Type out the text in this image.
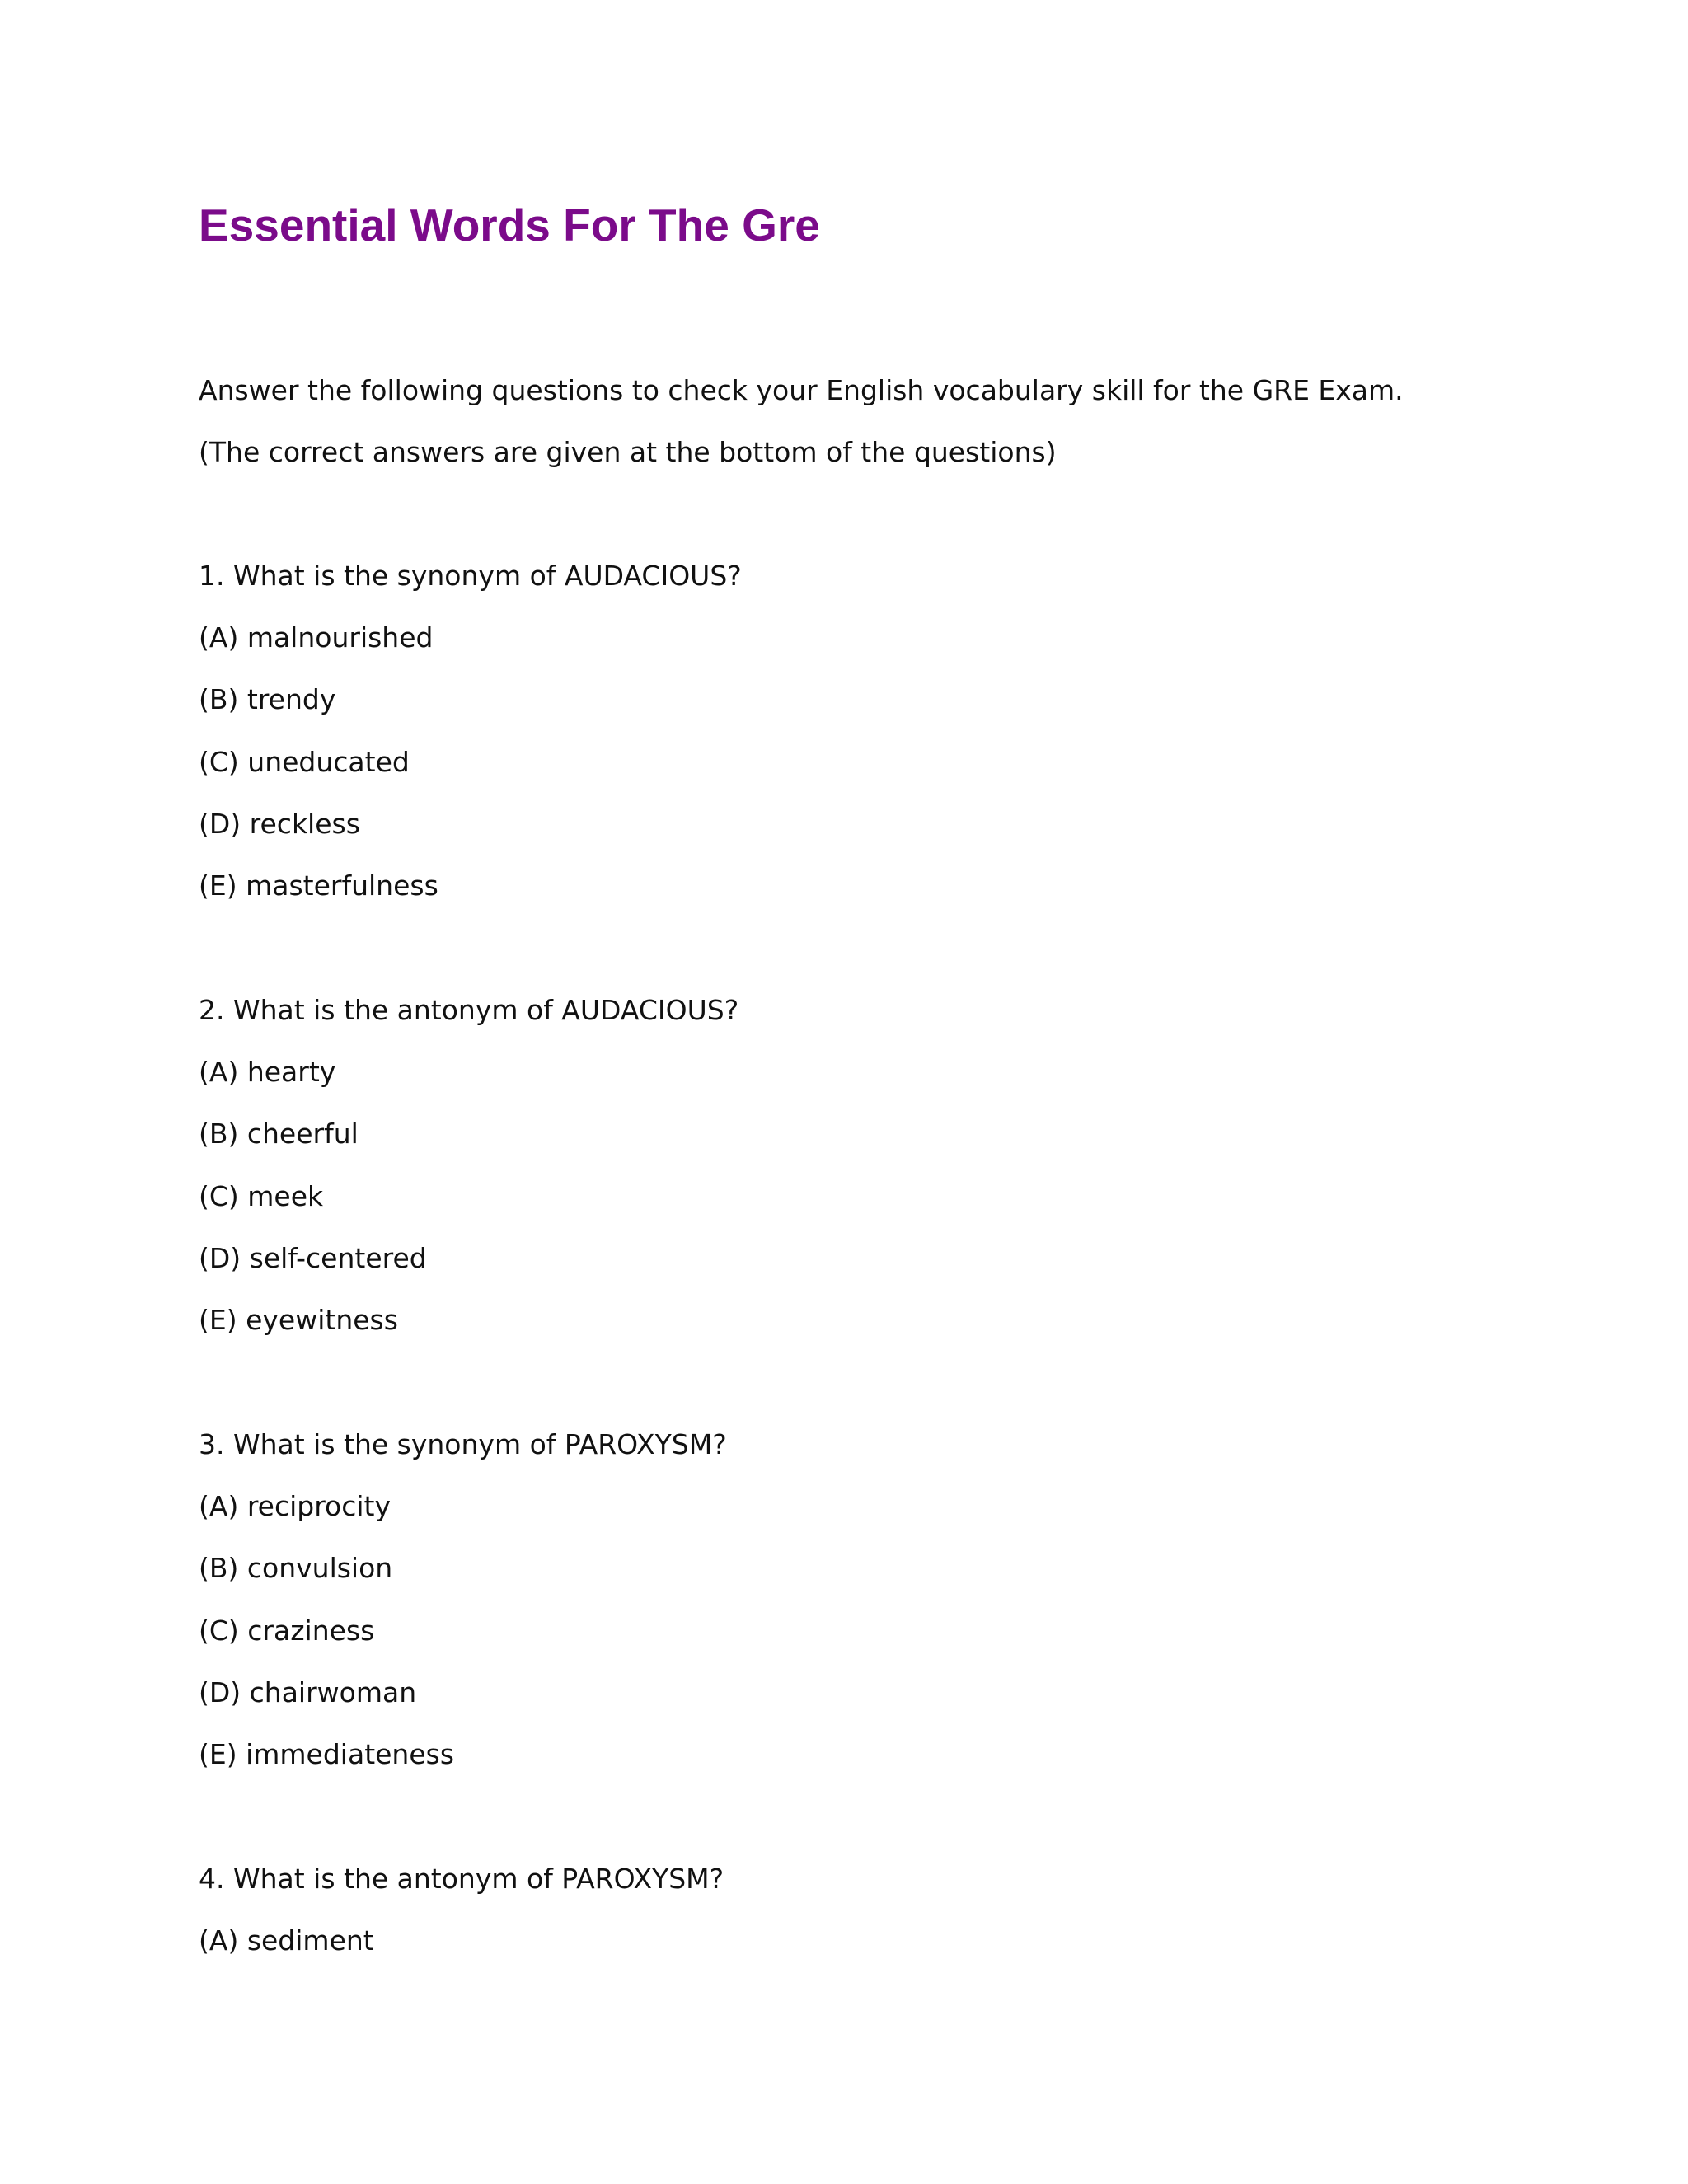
Essential Words For The Gre

Answer the following questions to check your English vocabulary skill for the GRE Exam.

(The correct answers are given at the bottom of the questions)

1. What is the synonym of AUDACIOUS?

(A) malnourished

(B) trendy

(C) uneducated

(D) reckless

(E) masterfulness

2. What is the antonym of AUDACIOUS?

(A) hearty

(B) cheerful

(C) meek

(D) self-centered

(E) eyewitness

3. What is the synonym of PAROXYSM?

(A) reciprocity

(B) convulsion

(C) craziness

(D) chairwoman

(E) immediateness

4. What is the antonym of PAROXYSM?

(A) sediment
